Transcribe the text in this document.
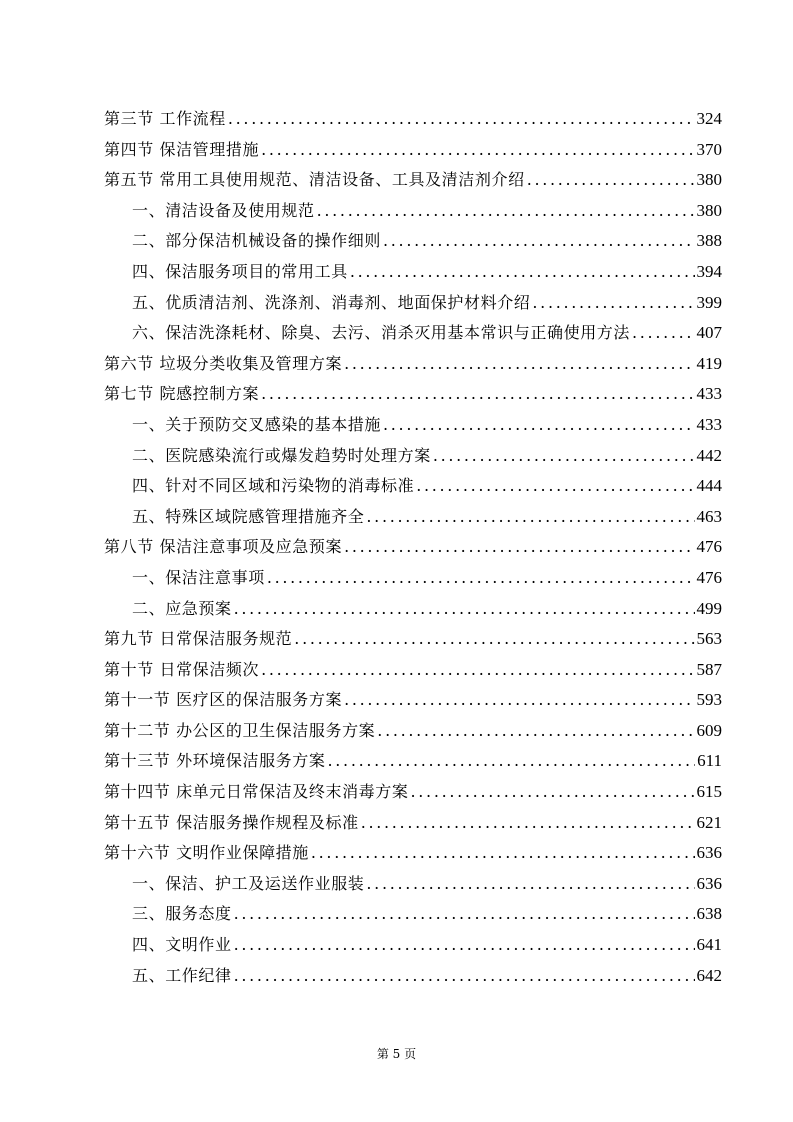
第三节 工作流程 . . .	324
第四节 保洁管理措施 . . .	370
第五节 常用工具使用规范、清洁设备、工具及清洁剂介绍 . . .	380
一、清洁设备及使用规范 . . .	380
二、部分保洁机械设备的操作细则 . . .	388
四、保洁服务项目的常用工具 . . .	394
五、优质清洁剂、洗涤剂、消毒剂、地面保护材料介绍 . . .	399
六、保洁洗涤耗材、除臭、去污、消杀灭用基本常识与正确使用方法 . . .	407
第六节 垃圾分类收集及管理方案 . . .	419
第七节 院感控制方案 . . .	433
一、关于预防交叉感染的基本措施 . . .	433
二、医院感染流行或爆发趋势时处理方案 . . .	442
四、针对不同区域和污染物的消毒标准 . . .	444
五、特殊区域院感管理措施齐全 . . .	463
第八节 保洁注意事项及应急预案 . . .	476
一、保洁注意事项 . . .	476
二、应急预案 . . .	499
第九节 日常保洁服务规范 . . .	563
第十节 日常保洁频次 . . .	587
第十一节 医疗区的保洁服务方案 . . .	593
第十二节 办公区的卫生保洁服务方案 . . .	609
第十三节 外环境保洁服务方案 . . .	611
第十四节 床单元日常保洁及终末消毒方案 . . .	615
第十五节 保洁服务操作规程及标准 . . .	621
第十六节 文明作业保障措施 . . .	636
一、保洁、护工及运送作业服装 . . .	636
三、服务态度 . . .	638
四、文明作业 . . .	641
五、工作纪律 . . .	642
第 5 页
